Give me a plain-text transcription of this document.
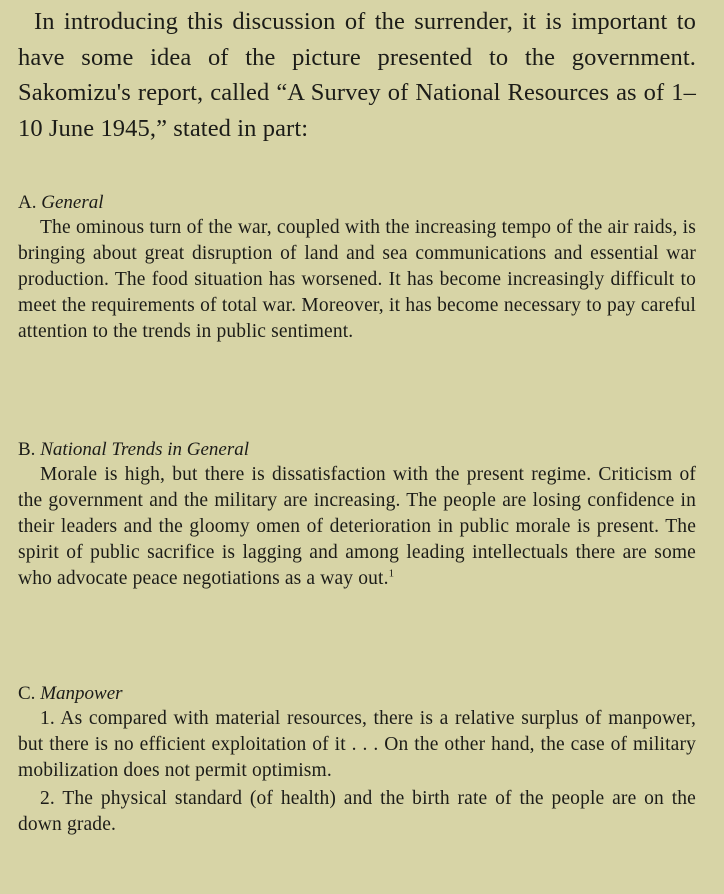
In introducing this discussion of the surrender, it is important to have some idea of the picture presented to the government. Sakomizu's report, called “A Survey of National Resources as of 1–10 June 1945,” stated in part:

A. General

The ominous turn of the war, coupled with the increasing tempo of the air raids, is bringing about great disruption of land and sea communications and essential war production. The food situation has worsened. It has become increasingly difficult to meet the requirements of total war. Moreover, it has become necessary to pay careful attention to the trends in public sentiment.

B. National Trends in General

Morale is high, but there is dissatisfaction with the present regime. Criticism of the government and the military are increasing. The people are losing confidence in their leaders and the gloomy omen of deterioration in public morale is present. The spirit of public sacrifice is lagging and among leading intellectuals there are some who advocate peace negotiations as a way out.$^1$

C. Manpower

1. As compared with material resources, there is a relative surplus of manpower, but there is no efficient exploitation of it . . . On the other hand, the case of military mobilization does not permit optimism.

2. The physical standard (of health) and the birth rate of the people are on the down grade.
